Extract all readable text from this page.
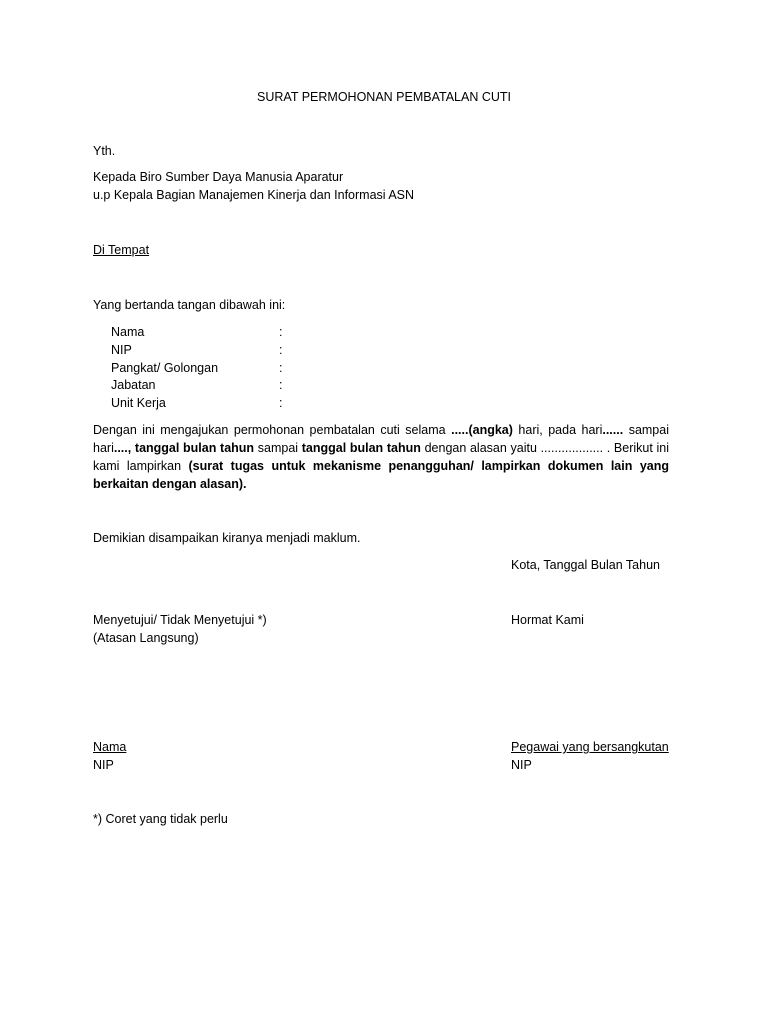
SURAT PERMOHONAN PEMBATALAN CUTI
Yth.
Kepada Biro Sumber Daya Manusia Aparatur
u.p Kepala Bagian Manajemen Kinerja dan Informasi ASN
Di Tempat
Yang bertanda tangan dibawah ini:
Nama	:
NIP	:
Pangkat/ Golongan	:
Jabatan	:
Unit Kerja	:
Dengan ini mengajukan permohonan pembatalan cuti selama .....(angka) hari, pada hari...... sampai hari...., tanggal bulan tahun sampai tanggal bulan tahun dengan alasan yaitu .................. . Berikut ini kami lampirkan (surat tugas untuk mekanisme penangguhan/ lampirkan dokumen lain yang berkaitan dengan alasan).
Demikian disampaikan kiranya menjadi maklum.
Kota, Tanggal Bulan Tahun
Menyetujui/ Tidak Menyetujui *)
(Atasan Langsung)
Hormat Kami
Nama
NIP
Pegawai yang bersangkutan
NIP
*) Coret yang tidak perlu
